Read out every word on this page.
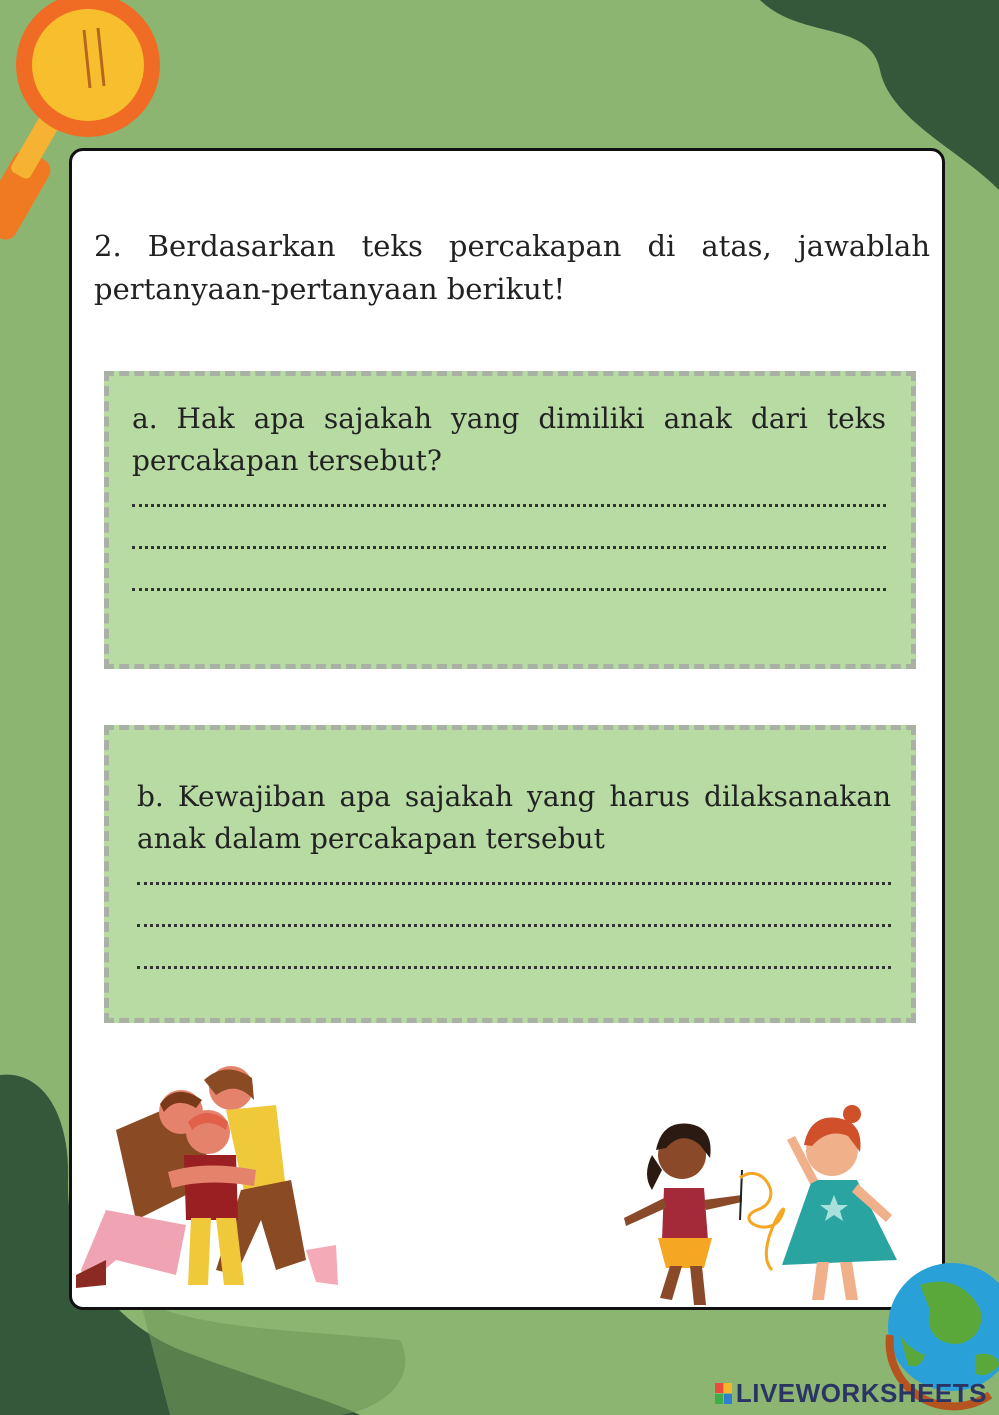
2. Berdasarkan teks percakapan di atas, jawablah pertanyaan-pertanyaan berikut!
a. Hak apa sajakah yang dimiliki anak dari teks percakapan tersebut?
b. Kewajiban apa sajakah yang harus dilaksanakan anak dalam percakapan tersebut
LIVEWORKSHEETS
